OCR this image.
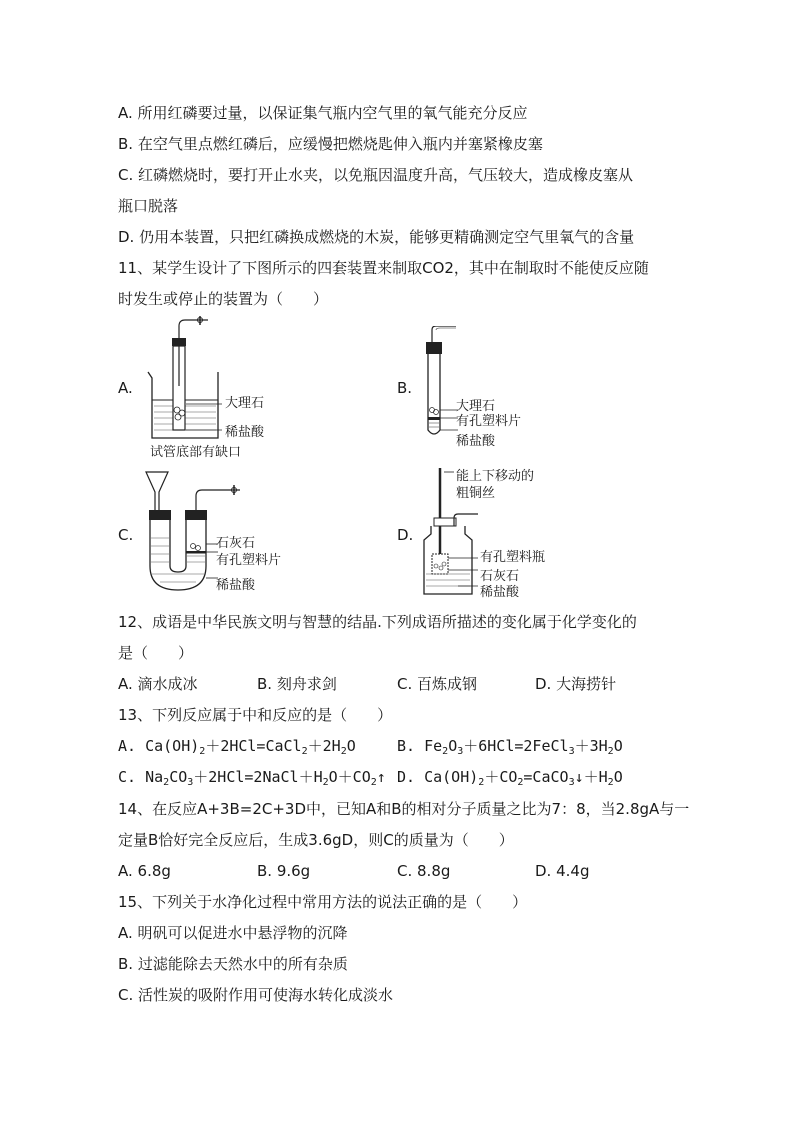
A. 所用红磷要过量，以保证集气瓶内空气里的氧气能充分反应
B. 在空气里点燃红磷后，应缓慢把燃烧匙伸入瓶内并塞紧橡皮塞
C. 红磷燃烧时，要打开止水夹，以免瓶因温度升高，气压较大，造成橡皮塞从
瓶口脱落
D. 仍用本装置，只把红磷换成燃烧的木炭，能够更精确测定空气里氧气的含量
11、某学生设计了下图所示的四套装置来制取CO2，其中在制取时不能使反应随
时发生或停止的装置为（　　）
A.
大理石
稀盐酸
试管底部有缺口
B.
大理石
有孔塑料片
稀盐酸
C.	石灰石
有孔塑料片
稀盐酸
D.
能上下移动的
粗铜丝
有孔塑料瓶
石灰石
稀盐酸
12、成语是中华民族文明与智慧的结晶.下列成语所描述的变化属于化学变化的
是（　　）
A. 滴水成冰	B. 刻舟求剑	C. 百炼成钢	D. 大海捞针
13、下列反应属于中和反应的是（　　）
A. $Ca(OH)_2+2HCl=CaCl_2+2H_2O$	B. $Fe_2O_3+6HCl=2FeCl_3+3H_2O$
C. $Na_2CO_3+2HCl=2NaCl+H_2O+CO_2↑$ D. $Ca(OH)_2+CO_2=CaCO_3↓+H_2O$
14、在反应A+3B=2C+3D中，已知A和B的相对分子质量之比为7：8，当2.8gA与一
定量B恰好完全反应后，生成3.6gD，则C的质量为（　　）
A. 6.8g	B. 9.6g	C. 8.8g	D. 4.4g
15、下列关于水净化过程中常用方法的说法正确的是（　　）
A. 明矾可以促进水中悬浮物的沉降
B. 过滤能除去天然水中的所有杂质
C. 活性炭的吸附作用可使海水转化成淡水
